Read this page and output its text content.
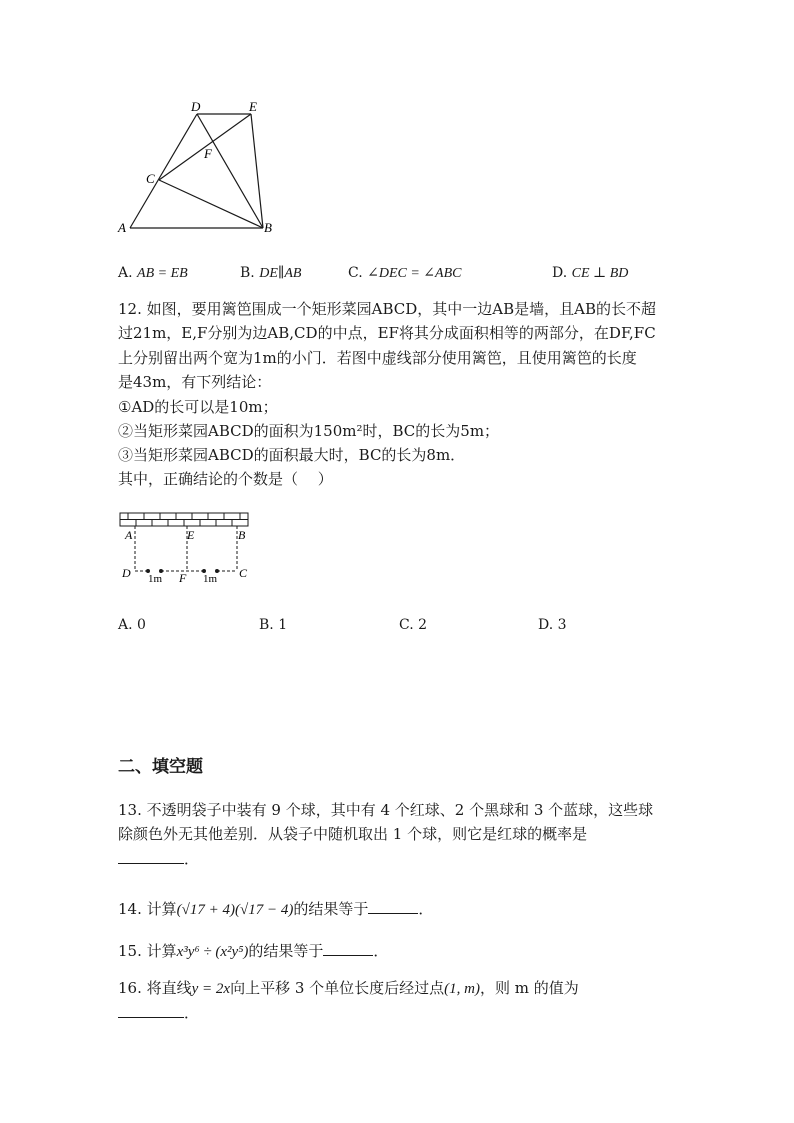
A	B
C
D	E
F
A. AB = EB	B. DE∥AB	C. ∠DEC = ∠ABC	D. CE ⊥ BD
12. 如图，要用篱笆围成一个矩形菜园ABCD，其中一边AB是墙，且AB的长不超
过21m，E,F分别为边AB,CD的中点，EF将其分成面积相等的两部分，在DF,FC
上分别留出两个宽为1m的小门．若图中虚线部分使用篱笆，且使用篱笆的长度
是43m，有下列结论：
①AD的长可以是10m；
②当矩形菜园ABCD的面积为150m²时，BC的长为5m；
③当矩形菜园ABCD的面积最大时，BC的长为8m．
其中，正确结论的个数是（　 ）
A	E	B
D	F	C
1m	1m
A. 0	B. 1	C. 2	D. 3
二、填空题
13. 不透明袋子中装有 9 个球，其中有 4 个红球、2 个黑球和 3 个蓝球，这些球
除颜色外无其他差别．从袋子中随机取出 1 个球，则它是红球的概率是
．
14. 计算(√17 + 4)(√17 − 4)的结果等于	．
15. 计算x³y⁶ ÷ (x²y⁵)的结果等于	．
16. 将直线y = 2x向上平移 3 个单位长度后经过点(1, m)，则 m 的值为
．
